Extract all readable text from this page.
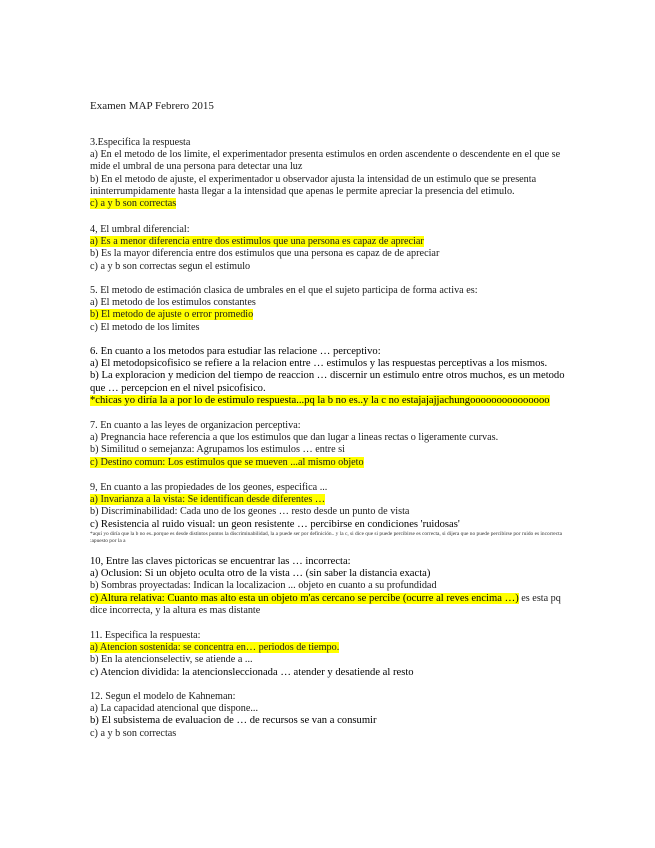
Examen MAP Febrero 2015
3.Especifica la respuesta
a) En el metodo de los limite, el experimentador presenta estimulos en orden ascendente o descendente en el que se mide el umbral de una persona para detectar una luz
b) En el metodo de ajuste, el experimentador u observador ajusta la intensidad de un estimulo que se presenta ininterrumpidamente hasta llegar a la intensidad que apenas le permite apreciar la presencia del etimulo.
c) a y b son correctas
4, El umbral diferencial:
a) Es a menor diferencia entre dos estimulos que una persona es capaz de apreciar
b) Es la mayor diferencia entre dos estimulos que una persona es capaz de de apreciar
c) a y b son correctas segun el estimulo
5. El metodo de estimación clasica de umbrales en el que el sujeto participa de forma activa es:
a) El metodo de los estimulos constantes
b) El metodo de ajuste o error promedio
c) El metodo de los limites
6. En cuanto a los metodos para estudiar las relacione … perceptivo:
a) El metodopsicofisico se refiere a la relacion entre … estimulos y las respuestas perceptivas a los mismos.
b) La exploracion y medicion del tiempo de reaccion … discernir un estimulo entre otros muchos, es un metodo que … percepcion en el nivel psicofisico.
*chicas yo diría la a por lo de estimulo respuesta...pq la b no es..y la c no estajajajjachungooooooooooooooo
7. En cuanto a las leyes de organizacion perceptiva:
a) Pregnancia hace referencia a que los estimulos que dan lugar a lineas rectas o ligeramente curvas.
b) Similitud o semejanza: Agrupamos los estimulos … entre si
c) Destino comun: Los estimulos que se mueven ...al mismo objeto
9, En cuanto a las propiedades de los geones, especifica ...
a) Invarianza a la vista: Se identifican desde diferentes …
b) Discriminabilidad: Cada uno de los geones … resto desde un punto de vista
c) Resistencia al ruido visual: un geon resistente … percibirse en condiciones 'ruidosas'
*aquí yo diría que la b no es..porque es desde distintos puntos la discriminabilidad, la a puede ser por definición.. y la c, si dice que si puede percibirse es correcta, si dijera que no puede percibirse por ruido es incorrecta :apuesto por la a
10, Entre las claves pictoricas se encuentrar las … incorrecta:
a) Oclusion: Si un objeto oculta otro de la vista … (sin saber la distancia exacta)
b) Sombras proyectadas: Indican la localizacion ... objeto en cuanto a su profundidad
c) Altura relativa: Cuanto mas alto esta un objeto m'as cercano se percibe (ocurre al reves encima …) es esta pq dice incorrecta, y la altura es mas distante
11. Especifica la respuesta:
a) Atencion sostenida: se concentra en… periodos de tiempo.
b) En la atencionselectiv, se atiende a ...
c) Atencion dividida: la atencionsleccionada … atender y desatiende al resto
12. Segun el modelo de Kahneman:
a) La capacidad atencional que dispone...
b) El subsistema de evaluacion de … de recursos se van a consumir
c) a y b son correctas
